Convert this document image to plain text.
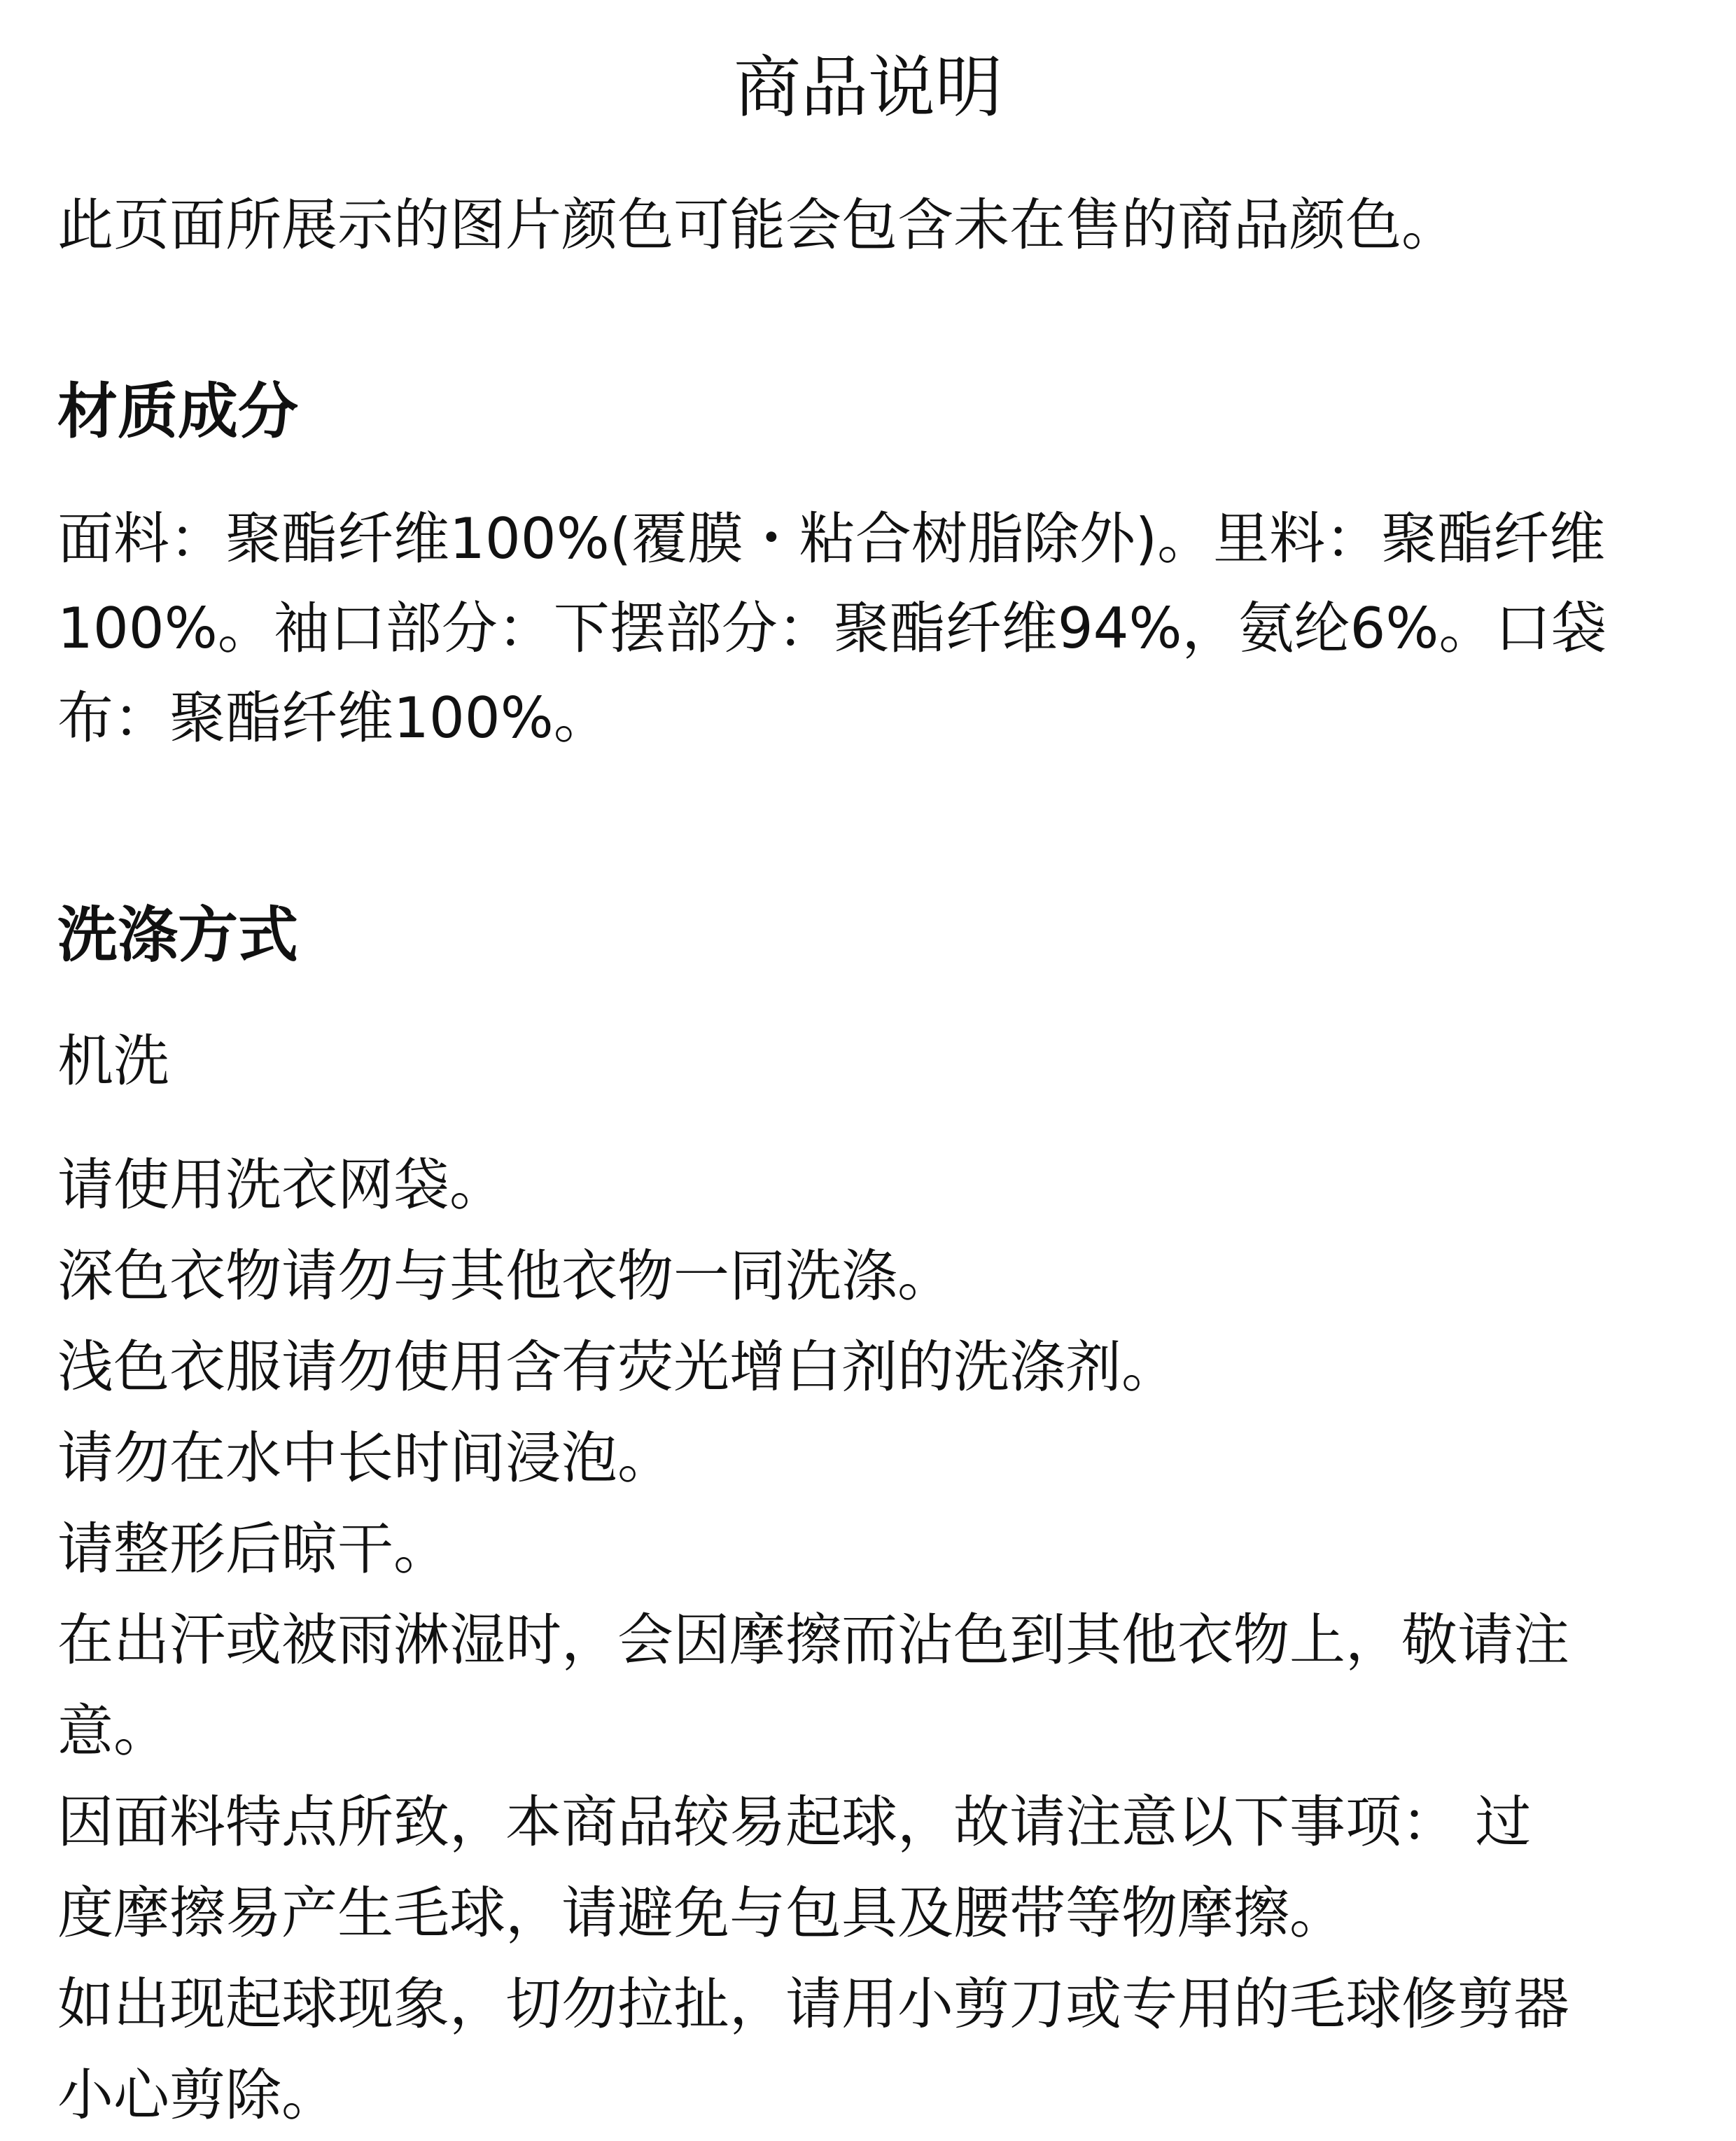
商品说明

此页面所展示的图片颜色可能会包含未在售的商品颜色。

材质成分
面料：聚酯纤维100%(覆膜・粘合树脂除外)。里料：聚酯纤维
100%。袖口部分：下摆部分：聚酯纤维94%，氨纶6%。口袋
布：聚酯纤维100%。
洗涤方式

机洗

请使用洗衣网袋。
深色衣物请勿与其他衣物一同洗涤。
浅色衣服请勿使用含有荧光增白剂的洗涤剂。
请勿在水中长时间浸泡。
请整形后晾干。
在出汗或被雨淋湿时，会因摩擦而沾色到其他衣物上，敬请注
意。
因面料特点所致，本商品较易起球，故请注意以下事项： 过
度摩擦易产生毛球，请避免与包具及腰带等物摩擦。
如出现起球现象，切勿拉扯，请用小剪刀或专用的毛球修剪器
小心剪除。
